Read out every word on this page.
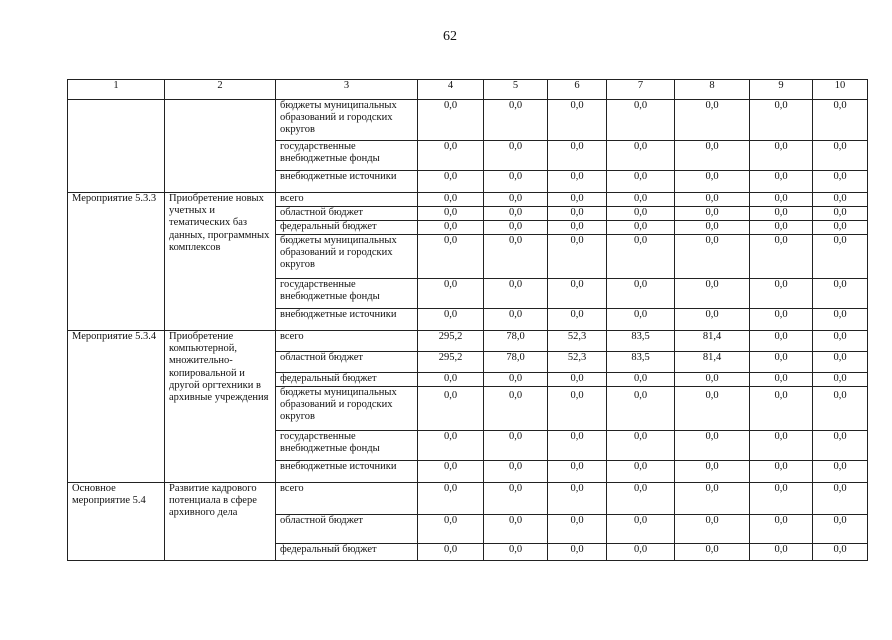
62
1	2	3	4	5	6	7	8	9	10
		бюджеты муниципальных образований и городских округов	0,0	0,0	0,0	0,0	0,0	0,0	0,0
		государственные внебюджетные фонды	0,0	0,0	0,0	0,0	0,0	0,0	0,0
		внебюджетные источники	0,0	0,0	0,0	0,0	0,0	0,0	0,0
Мероприятие 5.3.3	Приобретение новых учетных и тематических баз данных, программных комплексов	всего	0,0	0,0	0,0	0,0	0,0	0,0	0,0
		областной бюджет	0,0	0,0	0,0	0,0	0,0	0,0	0,0
		федеральный бюджет	0,0	0,0	0,0	0,0	0,0	0,0	0,0
		бюджеты муниципальных образований и городских округов	0,0	0,0	0,0	0,0	0,0	0,0	0,0
		государственные внебюджетные фонды	0,0	0,0	0,0	0,0	0,0	0,0	0,0
		внебюджетные источники	0,0	0,0	0,0	0,0	0,0	0,0	0,0
Мероприятие 5.3.4	Приобретение компьютерной, множительно-копировальной и другой оргтехники в архивные учреждения	всего	295,2	78,0	52,3	83,5	81,4	0,0	0,0
		областной бюджет	295,2	78,0	52,3	83,5	81,4	0,0	0,0
		федеральный бюджет	0,0	0,0	0,0	0,0	0,0	0,0	0,0
		бюджеты муниципальных образований и городских округов	0,0	0,0	0,0	0,0	0,0	0,0	0,0
		государственные внебюджетные фонды	0,0	0,0	0,0	0,0	0,0	0,0	0,0
		внебюджетные источники	0,0	0,0	0,0	0,0	0,0	0,0	0,0
Основное мероприятие 5.4	Развитие кадрового потенциала в сфере архивного дела	всего	0,0	0,0	0,0	0,0	0,0	0,0	0,0
		областной бюджет	0,0	0,0	0,0	0,0	0,0	0,0	0,0
		федеральный бюджет	0,0	0,0	0,0	0,0	0,0	0,0	0,0
